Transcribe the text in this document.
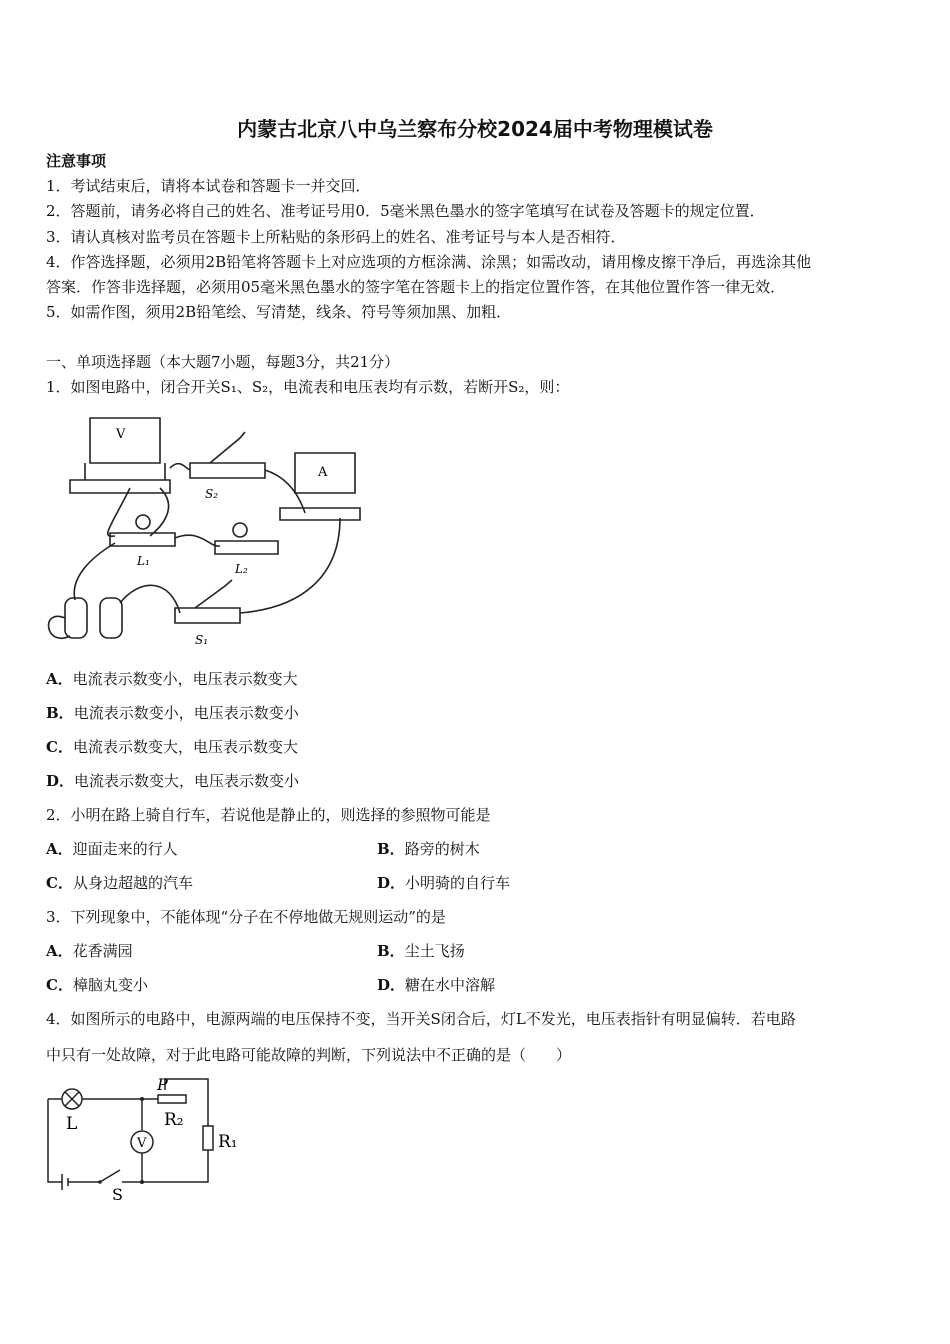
内蒙古北京八中乌兰察布分校2024届中考物理模试卷
注意事项
1．考试结束后，请将本试卷和答题卡一并交回．
2．答题前，请务必将自己的姓名、准考证号用0．5毫米黑色墨水的签字笔填写在试卷及答题卡的规定位置．
3．请认真核对监考员在答题卡上所粘贴的条形码上的姓名、准考证号与本人是否相符．
4．作答选择题，必须用2B铅笔将答题卡上对应选项的方框涂满、涂黑；如需改动，请用橡皮擦干净后，再选涂其他
答案．作答非选择题，必须用05毫米黑色墨水的签字笔在答题卡上的指定位置作答，在其他位置作答一律无效．
5．如需作图，须用2B铅笔绘、写清楚，线条、符号等须加黑、加粗．
一、单项选择题（本大题7小题，每题3分，共21分）
1．如图电路中，闭合开关S₁、S₂，电流表和电压表均有示数，若断开S₂，则：
V
A
S₂
L₁
L₂
S₁
A．电流表示数变小，电压表示数变大
B．电流表示数变小，电压表示数变小
C．电流表示数变大，电压表示数变大
D．电流表示数变大，电压表示数变小
2．小明在路上骑自行车，若说他是静止的，则选择的参照物可能是
A．迎面走来的行人	B．路旁的树木
C．从身边超越的汽车	D．小明骑的自行车
3．下列现象中，不能体现“分子在不停地做无规则运动”的是
A．花香满园	B．尘土飞扬
C．樟脑丸变小	D．糖在水中溶解
4．如图所示的电路中，电源两端的电压保持不变，当开关S闭合后，灯L不发光，电压表指针有明显偏转．若电路
中只有一处故障，对于此电路可能故障的判断，下列说法中不正确的是（　　）
P
L	R₂
R₁
V
S
